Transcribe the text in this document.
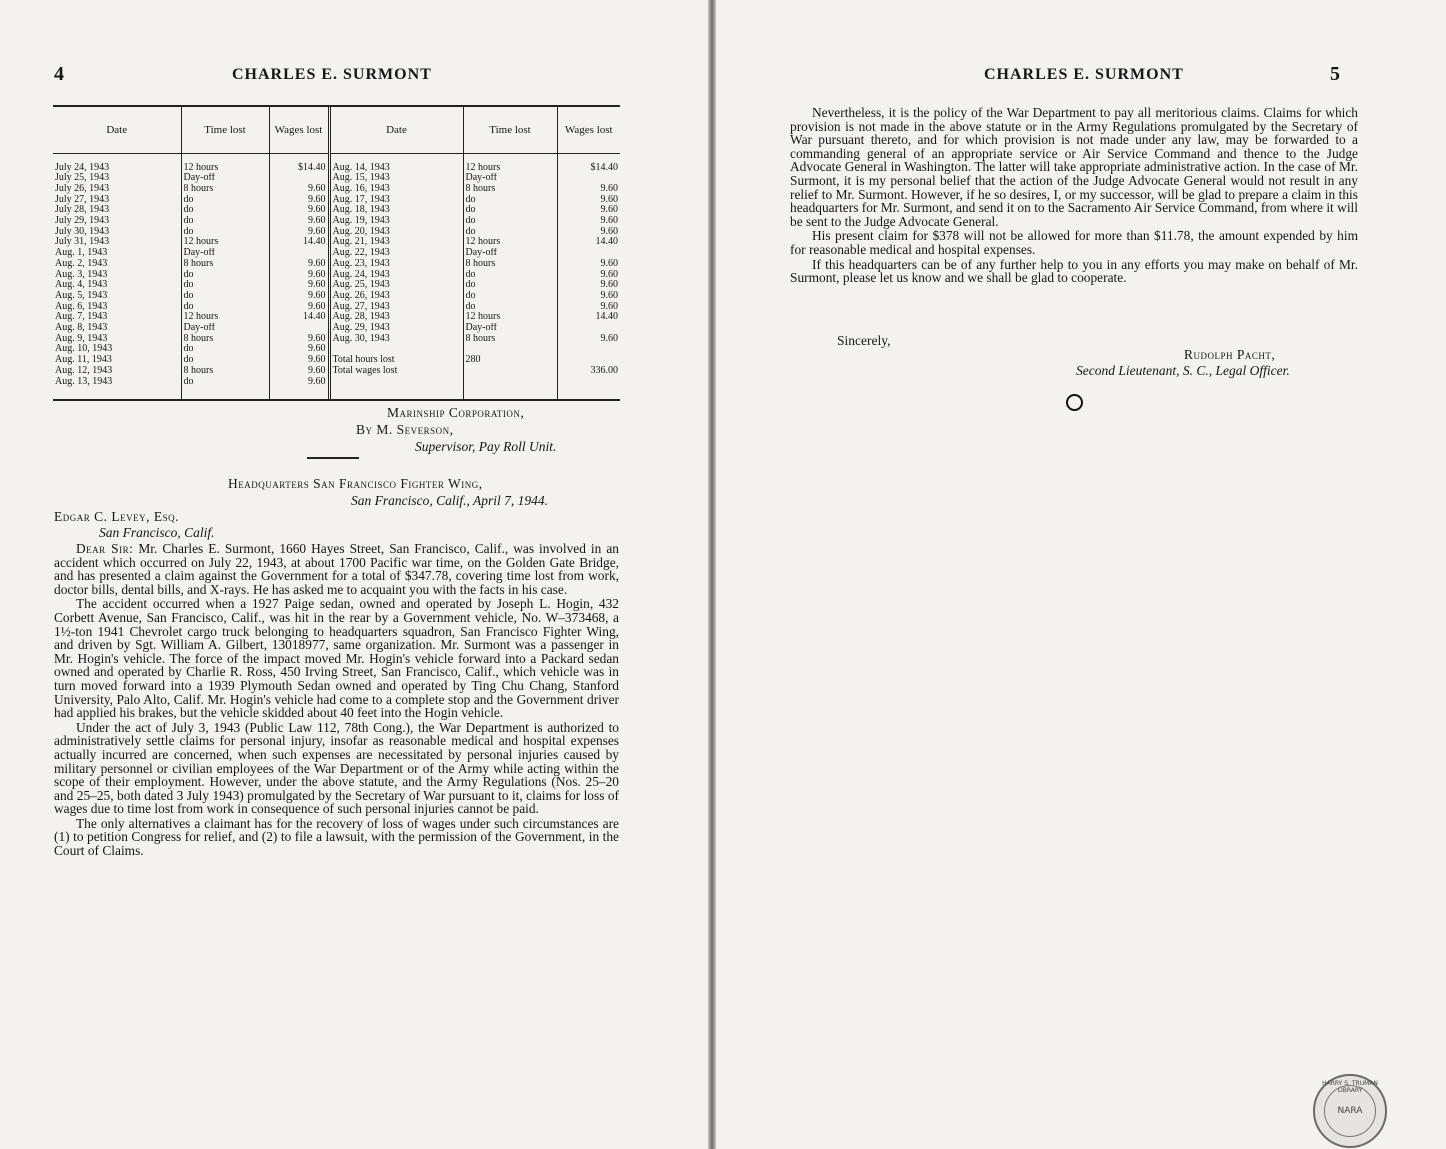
4	CHARLES E. SURMONT
Date	Time lost	Wages lost	Date	Time lost	Wages lost
July 24, 1943	12 hours	$14.40	Aug. 14, 1943	12 hours	$14.40
July 25, 1943	Day-off		Aug. 15, 1943	Day-off	
July 26, 1943	8 hours	9.60	Aug. 16, 1943	8 hours	9.60
July 27, 1943	do	9.60	Aug. 17, 1943	do	9.60
July 28, 1943	do	9.60	Aug. 18, 1943	do	9.60
July 29, 1943	do	9.60	Aug. 19, 1943	do	9.60
July 30, 1943	do	9.60	Aug. 20, 1943	do	9.60
July 31, 1943	12 hours	14.40	Aug. 21, 1943	12 hours	14.40
Aug. 1, 1943	Day-off		Aug. 22, 1943	Day-off	
Aug. 2, 1943	8 hours	9.60	Aug. 23, 1943	8 hours	9.60
Aug. 3, 1943	do	9.60	Aug. 24, 1943	do	9.60
Aug. 4, 1943	do	9.60	Aug. 25, 1943	do	9.60
Aug. 5, 1943	do	9.60	Aug. 26, 1943	do	9.60
Aug. 6, 1943	do	9.60	Aug. 27, 1943	do	9.60
Aug. 7, 1943	12 hours	14.40	Aug. 28, 1943	12 hours	14.40
Aug. 8, 1943	Day-off		Aug. 29, 1943	Day-off	
Aug. 9, 1943	8 hours	9.60	Aug. 30, 1943	8 hours	9.60
Aug. 10, 1943	do	9.60			
Aug. 11, 1943	do	9.60	Total hours lost	280	
Aug. 12, 1943	8 hours	9.60	Total wages lost		336.00
Aug. 13, 1943	do	9.60			
Marinship Corporation,
By M. Severson,
Supervisor, Pay Roll Unit.
Headquarters San Francisco Fighter Wing,
San Francisco, Calif., April 7, 1944.
Edgar C. Levey, Esq.
San Francisco, Calif.

Dear Sir: Mr. Charles E. Surmont, 1660 Hayes Street, San Francisco, Calif., was involved in an accident which occurred on July 22, 1943, at about 1700 Pacific war time, on the Golden Gate Bridge, and has presented a claim against the Government for a total of $347.78, covering time lost from work, doctor bills, dental bills, and X-rays. He has asked me to acquaint you with the facts in his case.

The accident occurred when a 1927 Paige sedan, owned and operated by Joseph L. Hogin, 432 Corbett Avenue, San Francisco, Calif., was hit in the rear by a Government vehicle, No. W–373468, a 1½-ton 1941 Chevrolet cargo truck belonging to headquarters squadron, San Francisco Fighter Wing, and driven by Sgt. William A. Gilbert, 13018977, same organization. Mr. Surmont was a passenger in Mr. Hogin's vehicle. The force of the impact moved Mr. Hogin's vehicle forward into a Packard sedan owned and operated by Charlie R. Ross, 450 Irving Street, San Francisco, Calif., which vehicle was in turn moved forward into a 1939 Plymouth Sedan owned and operated by Ting Chu Chang, Stanford University, Palo Alto, Calif. Mr. Hogin's vehicle had come to a complete stop and the Government driver had applied his brakes, but the vehicle skidded about 40 feet into the Hogin vehicle.

Under the act of July 3, 1943 (Public Law 112, 78th Cong.), the War Department is authorized to administratively settle claims for personal injury, insofar as reasonable medical and hospital expenses actually incurred are concerned, when such expenses are necessitated by personal injuries caused by military personnel or civilian employees of the War Department or of the Army while acting within the scope of their employment. However, under the above statute, and the Army Regulations (Nos. 25–20 and 25–25, both dated 3 July 1943) promulgated by the Secretary of War pursuant to it, claims for loss of wages due to time lost from work in consequence of such personal injuries cannot be paid.

The only alternatives a claimant has for the recovery of loss of wages under such circumstances are (1) to petition Congress for relief, and (2) to file a lawsuit, with the permission of the Government, in the Court of Claims.

CHARLES E. SURMONT	5

Nevertheless, it is the policy of the War Department to pay all meritorious claims. Claims for which provision is not made in the above statute or in the Army Regulations promulgated by the Secretary of War pursuant thereto, and for which provision is not made under any law, may be forwarded to a commanding general of an appropriate service or Air Service Command and thence to the Judge Advocate General in Washington. The latter will take appropriate administrative action. In the case of Mr. Surmont, it is my personal belief that the action of the Judge Advocate General would not result in any relief to Mr. Surmont. However, if he so desires, I, or my successor, will be glad to prepare a claim in this headquarters for Mr. Surmont, and send it on to the Sacramento Air Service Command, from where it will be sent to the Judge Advocate General.

His present claim for $378 will not be allowed for more than $11.78, the amount expended by him for reasonable medical and hospital expenses.

If this headquarters can be of any further help to you in any efforts you may make on behalf of Mr. Surmont, please let us know and we shall be glad to cooperate.

Sincerely,
Rudolph Pacht,
Second Lieutenant, S. C., Legal Officer.
HARRY S. TRUMAN LIBRARY
NARA
